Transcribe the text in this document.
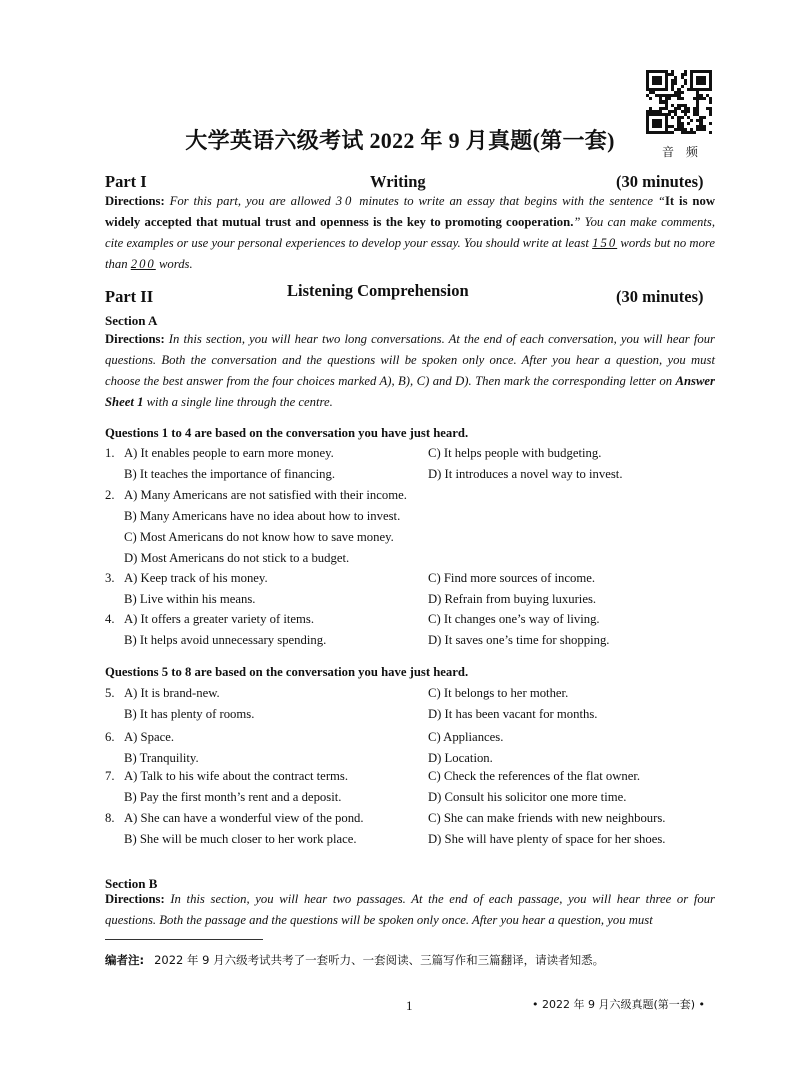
音 频
大学英语六级考试 2022 年 9 月真题(第一套)
Part I	Writing	(30 minutes)
Directions: For this part, you are allowed 30 minutes to write an essay that begins with the sentence “It is now widely accepted that mutual trust and openness is the key to promoting cooperation.” You can make comments, cite examples or use your personal experiences to develop your essay. You should write at least 150 words but no more than 200 words.
Part II	Listening Comprehension	(30 minutes)
Section A
Directions: In this section, you will hear two long conversations. At the end of each conversation, you will hear four questions. Both the conversation and the questions will be spoken only once. After you hear a question, you must choose the best answer from the four choices marked A), B), C) and D). Then mark the corresponding letter on Answer Sheet 1 with a single line through the centre.
Questions 1 to 4 are based on the conversation you have just heard.
Questions 5 to 8 are based on the conversation you have just heard.
1. A) It enables people to earn more money.
B) It teaches the importance of financing.
C) It helps people with budgeting.
D) It introduces a novel way to invest.
2. A) Many Americans are not satisfied with their income.
B) Many Americans have no idea about how to invest.
C) Most Americans do not know how to save money.
D) Most Americans do not stick to a budget.
3. A) Keep track of his money.
B) Live within his means.
C) Find more sources of income.
D) Refrain from buying luxuries.
4. A) It offers a greater variety of items.
B) It helps avoid unnecessary spending.
C) It changes one’s way of living.
D) It saves one’s time for shopping.
5. A) It is brand-new.
B) It has plenty of rooms.
C) It belongs to her mother.
D) It has been vacant for months.
6. A) Space.
B) Tranquility.
C) Appliances.
D) Location.
7. A) Talk to his wife about the contract terms.
B) Pay the first month’s rent and a deposit.
C) Check the references of the flat owner.
D) Consult his solicitor one more time.
8. A) She can have a wonderful view of the pond.
B) She will be much closer to her work place.
C) She can make friends with new neighbours.
D) She will have plenty of space for her shoes.
Section B
Directions: In this section, you will hear two passages. At the end of each passage, you will hear three or four questions. Both the passage and the questions will be spoken only once. After you hear a question, you must
编者注: 2022 年 9 月六级考试共考了一套听力、一套阅读、三篇写作和三篇翻译，请读者知悉。
1	• 2022 年 9 月六级真题(第一套) •
